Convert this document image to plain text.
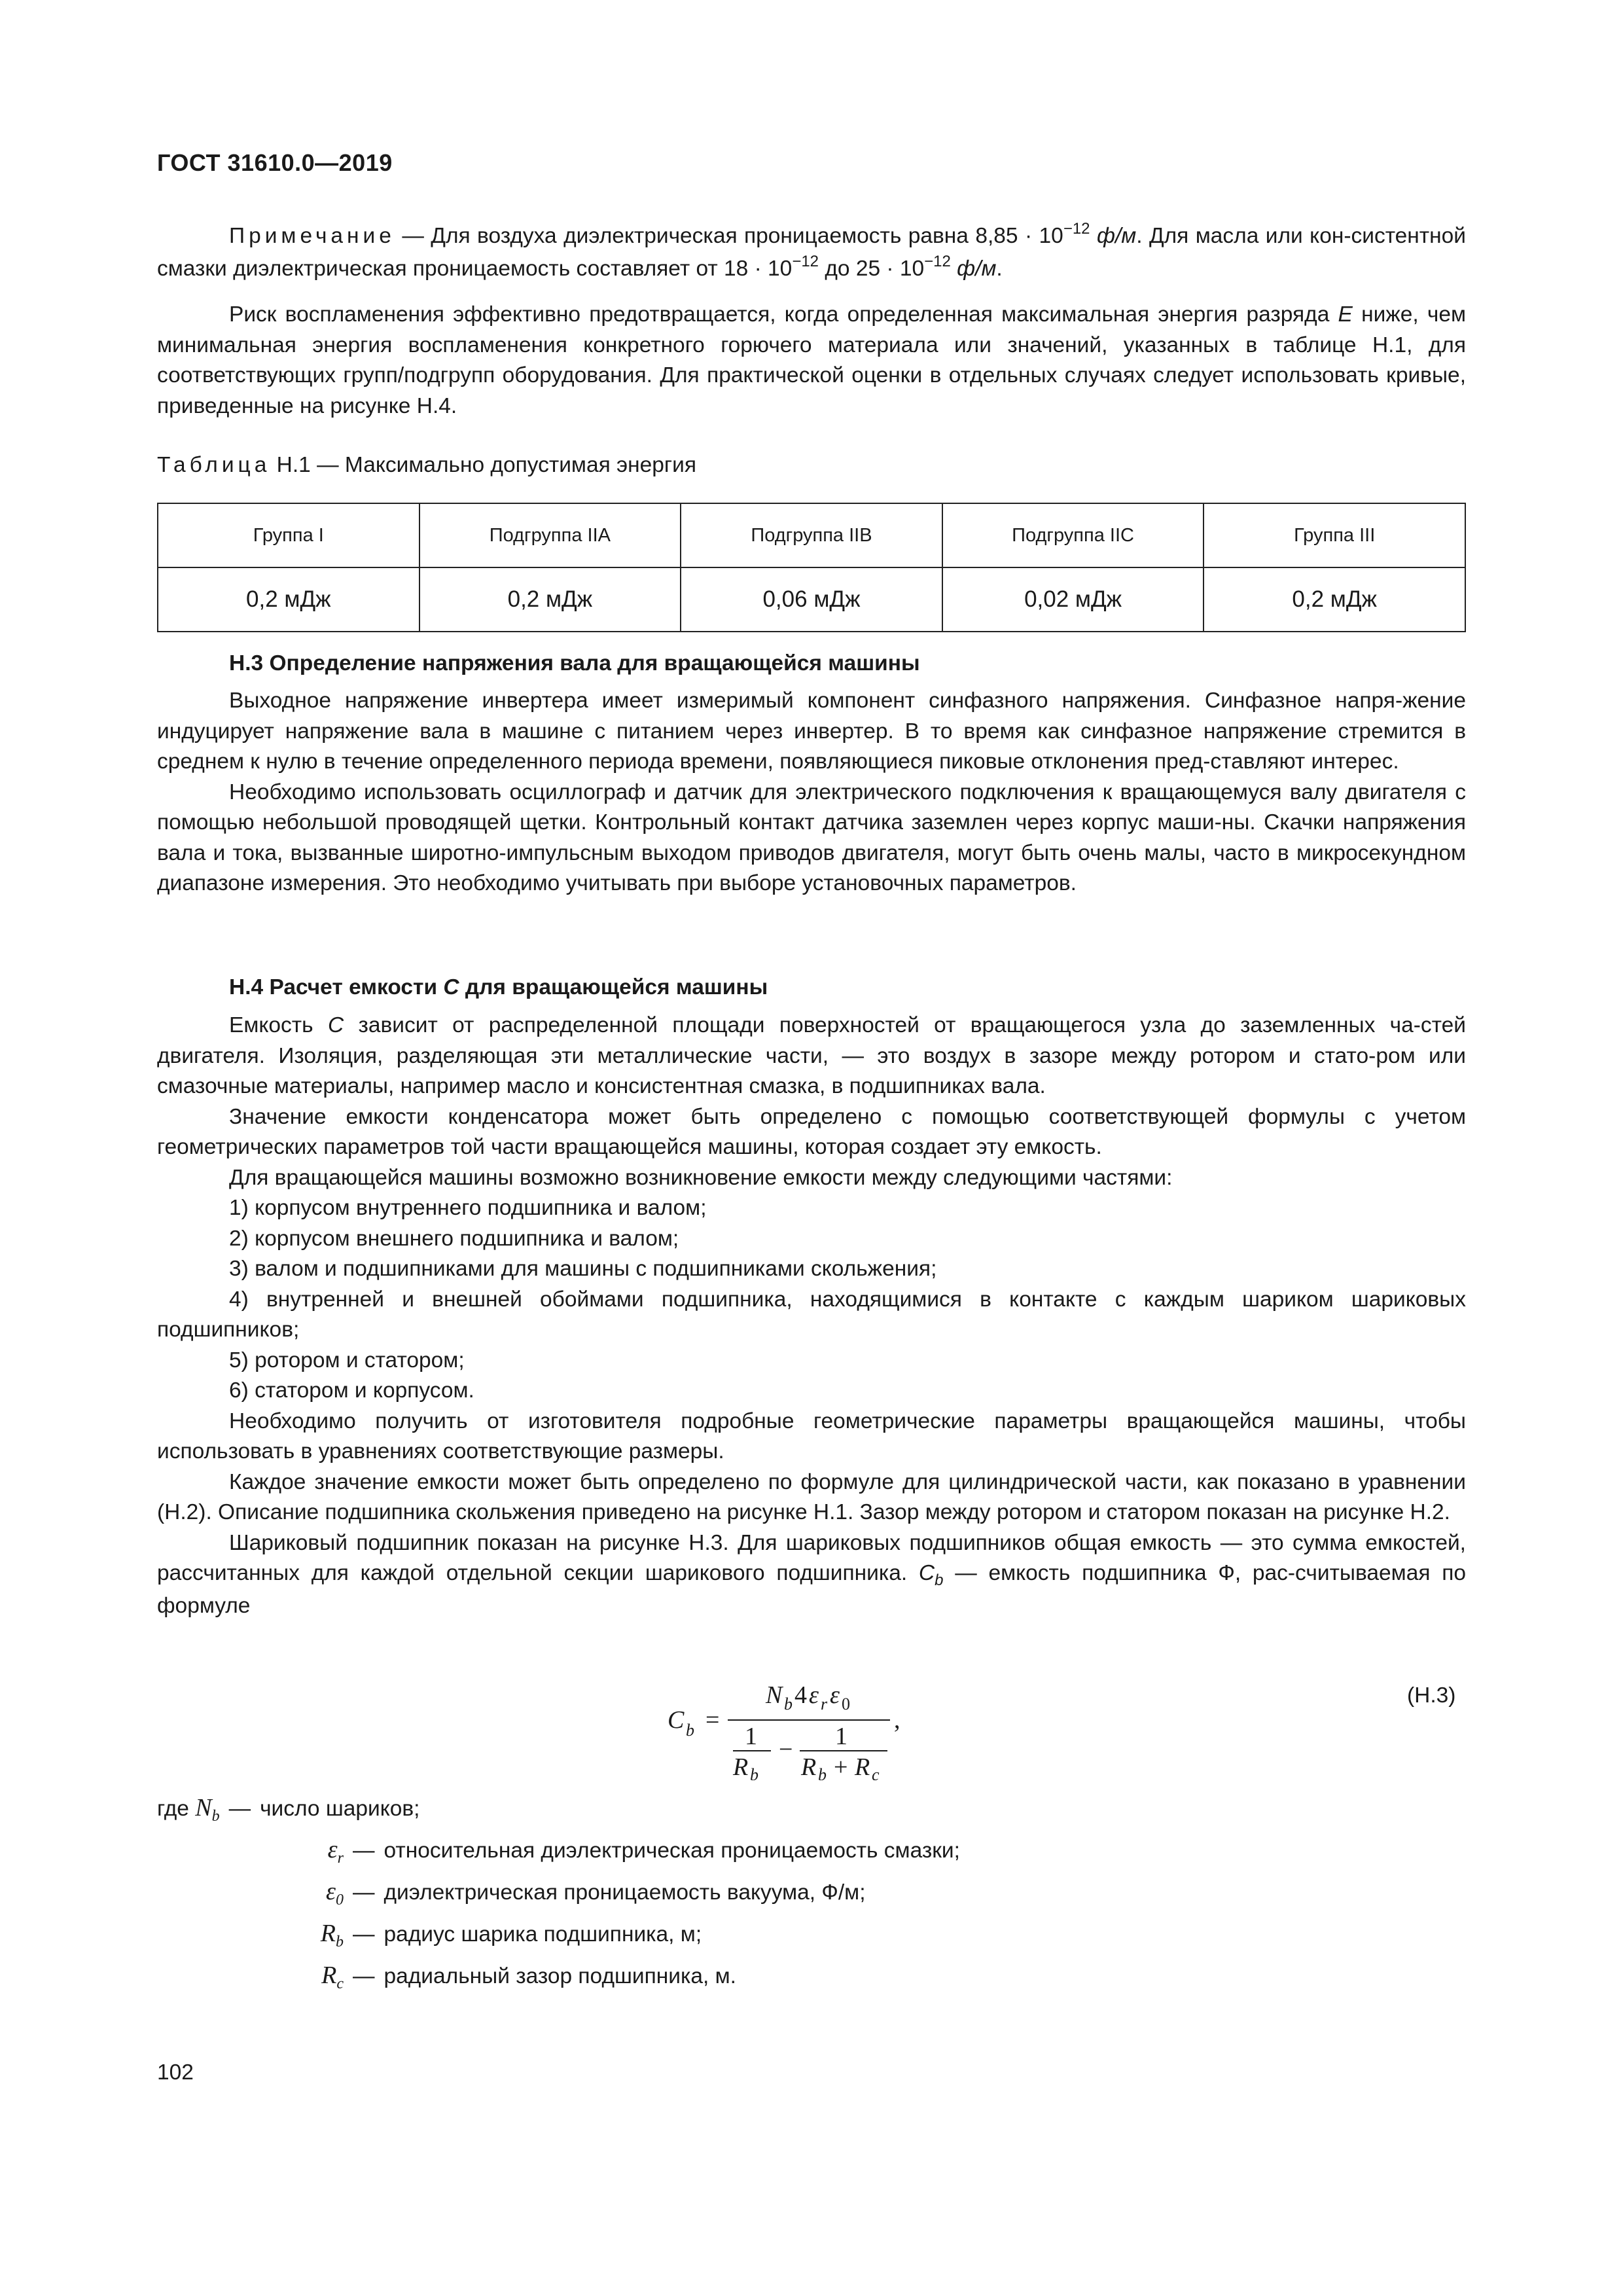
ГОСТ 31610.0—2019

Примечание — Для воздуха диэлектрическая проницаемость равна $8,85 \cdot 10^{-12}$ ф/м. Для масла или кон-систентной смазки диэлектрическая проницаемость составляет от $18 \cdot 10^{-12}$ до $25 \cdot 10^{-12}$ ф/м.

Риск воспламенения эффективно предотвращается, когда определенная максимальная энергия разряда E ниже, чем минимальная энергия воспламенения конкретного горючего материала или значений, указанных в таблице Н.1, для соответствующих групп/подгрупп оборудования. Для практической оценки в отдельных случаях следует использовать кривые, приведенные на рисунке Н.4.

Таблица Н.1 — Максимально допустимая энергия
Группа I	Подгруппа IIA	Подгруппа IIB	Подгруппа IIC	Группа III
0,2 мДж	0,2 мДж	0,06 мДж	0,02 мДж	0,2 мДж
Н.3 Определение напряжения вала для вращающейся машины

Выходное напряжение инвертера имеет измеримый компонент синфазного напряжения. Синфазное напря-жение индуцирует напряжение вала в машине с питанием через инвертер. В то время как синфазное напряжение стремится в среднем к нулю в течение определенного периода времени, появляющиеся пиковые отклонения пред-ставляют интерес.

Необходимо использовать осциллограф и датчик для электрического подключения к вращающемуся валу двигателя с помощью небольшой проводящей щетки. Контрольный контакт датчика заземлен через корпус маши-ны. Скачки напряжения вала и тока, вызванные широтно-импульсным выходом приводов двигателя, могут быть очень малы, часто в микросекундном диапазоне измерения. Это необходимо учитывать при выборе установочных параметров.

Н.4 Расчет емкости C для вращающейся машины

Емкость C зависит от распределенной площади поверхностей от вращающегося узла до заземленных ча-стей двигателя. Изоляция, разделяющая эти металлические части, — это воздух в зазоре между ротором и стато-ром или смазочные материалы, например масло и консистентная смазка, в подшипниках вала.

Значение емкости конденсатора может быть определено с помощью соответствующей формулы с учетом геометрических параметров той части вращающейся машины, которая создает эту емкость.

Для вращающейся машины возможно возникновение емкости между следующими частями:

1) корпусом внутреннего подшипника и валом;

2) корпусом внешнего подшипника и валом;

3) валом и подшипниками для машины с подшипниками скольжения;

4) внутренней и внешней обоймами подшипника, находящимися в контакте с каждым шариком шариковых подшипников;

5) ротором и статором;

6) статором и корпусом.

Необходимо получить от изготовителя подробные геометрические параметры вращающейся машины, чтобы использовать в уравнениях соответствующие размеры.

Каждое значение емкости может быть определено по формуле для цилиндрической части, как показано в уравнении (Н.2). Описание подшипника скольжения приведено на рисунке Н.1. Зазор между ротором и статором показан на рисунке Н.2.

Шариковый подшипник показан на рисунке Н.3. Для шариковых подшипников общая емкость — это сумма емкостей, рассчитанных для каждой отдельной секции шарикового подшипника. $C_b$ — емкость подшипника Ф, рас-считываемая по формуле

C b =
N b 4 ε r ε 0
,
1
R b
− 1
R b + R c
(Н.3)
где $N_b$ — число шариков;
$\varepsilon_r$ — относительная диэлектрическая проницаемость смазки;
$\varepsilon_0$ — диэлектрическая проницаемость вакуума, Ф/м;
$R_b$ — радиус шарика подшипника, м;
$R_c$ — радиальный зазор подшипника, м.
102
